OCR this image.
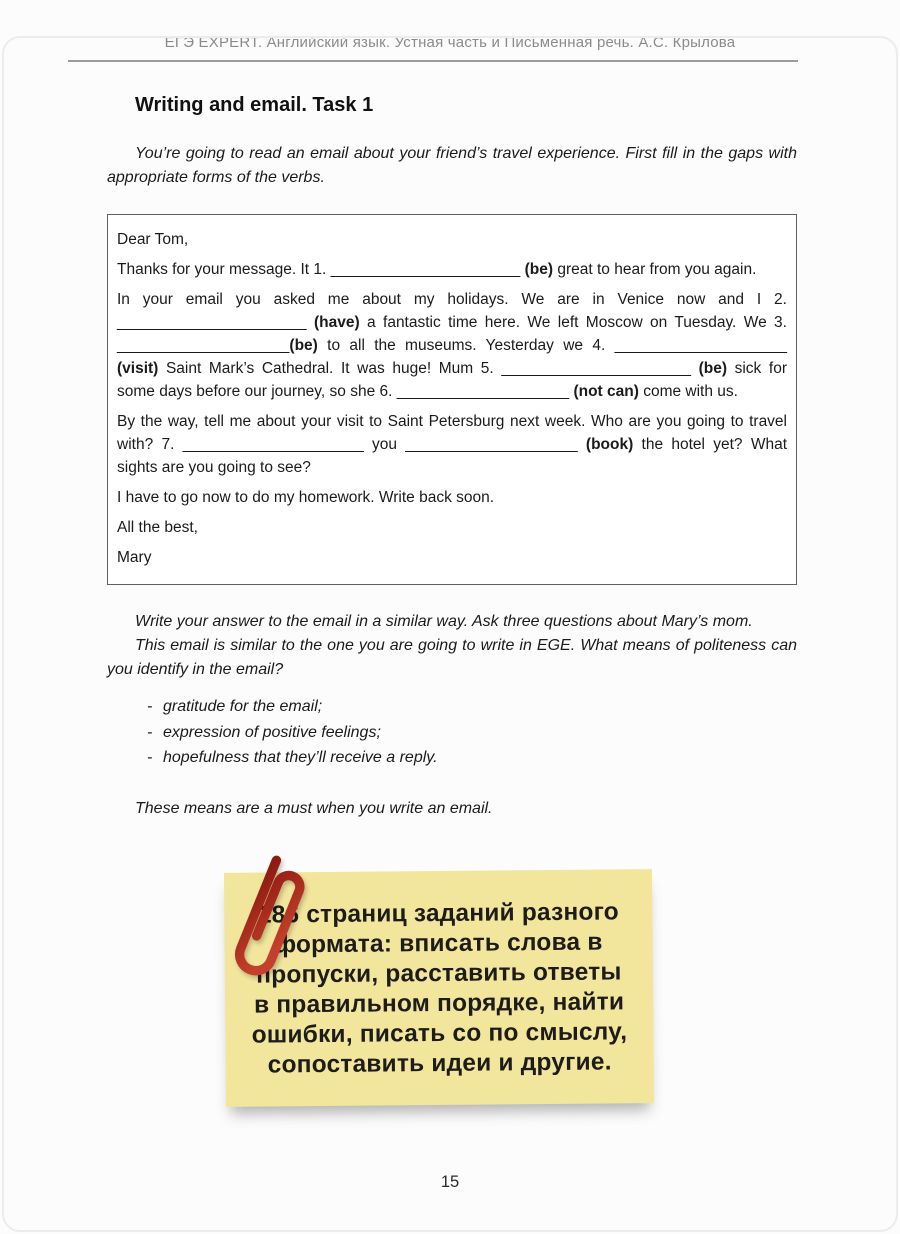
ЕГЭ EXPERT. Английский язык. Устная часть и Письменная речь. А.С. Крылова
Writing and email. Task 1

You’re going to read an email about your friend’s travel experience. First fill in the gaps with appropriate forms of the verbs.

Dear Tom,

Thanks for your message. It 1. ______________________ (be) great to hear from you again.

In your email you asked me about my holidays. We are in Venice now and I 2. ______________________ (have) a fantastic time here. We left Moscow on Tuesday. We 3. ____________________(be) to all the museums. Yesterday we 4. ____________________ (visit) Saint Mark’s Cathedral. It was huge! Mum 5. ______________________ (be) sick for some days before our journey, so she 6. ____________________ (not can) come with us.

By the way, tell me about your visit to Saint Petersburg next week. Who are you going to travel with? 7. _____________________ you ____________________ (book) the hotel yet? What sights are you going to see?

I have to go now to do my homework. Write back soon.

All the best,

Mary

Write your answer to the email in a similar way. Ask three questions about Mary’s mom.

This email is similar to the one you are going to write in EGE. What means of politeness can you identify in the email?

- gratitude for the email;
- expression of positive feelings;
- hopefulness that they’ll receive a reply.

These means are a must when you write an email.

186 страниц заданий разного
формата: вписать слова в
пропуски, расставить ответы
в правильном порядке, найти
ошибки, писать со по смыслу,
сопоставить идеи и другие.
15
